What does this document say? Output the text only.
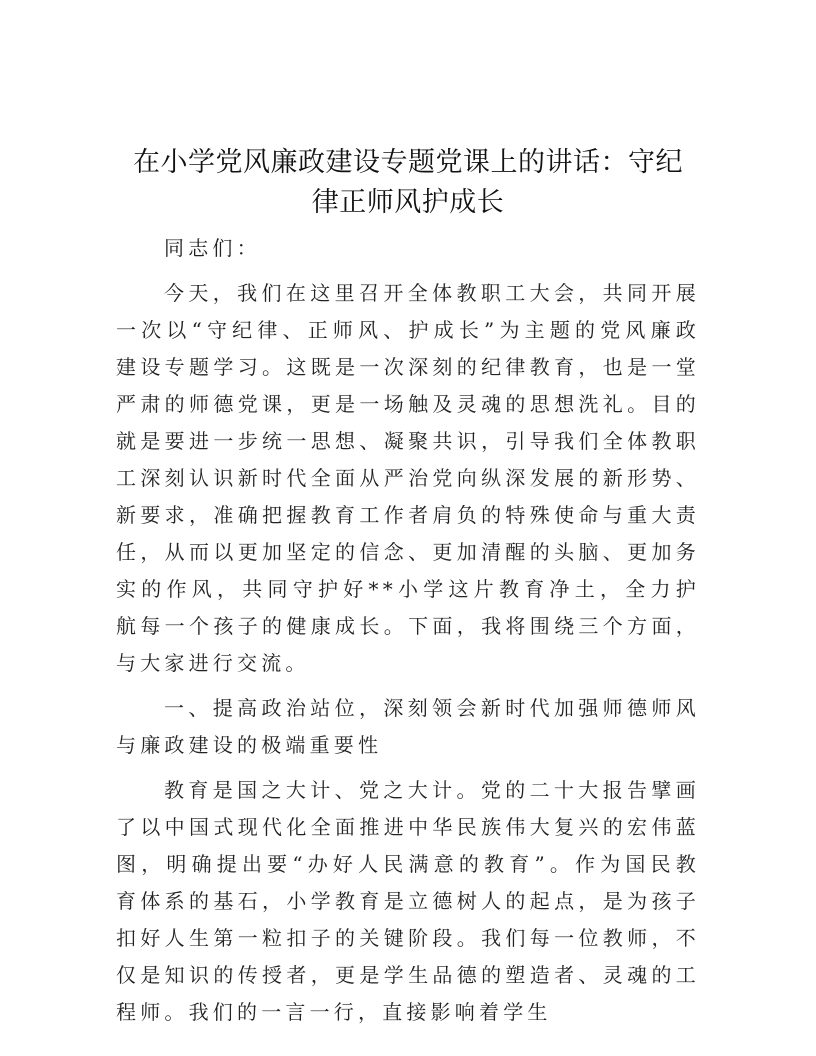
在小学党风廉政建设专题党课上的讲话：守纪
律正师风护成长

同志们：

今天，我们在这里召开全体教职工大会，共同开展一次以“守纪律、正师风、护成长”为主题的党风廉政建设专题学习。这既是一次深刻的纪律教育，也是一堂严肃的师德党课，更是一场触及灵魂的思想洗礼。目的就是要进一步统一思想、凝聚共识，引导我们全体教职工深刻认识新时代全面从严治党向纵深发展的新形势、新要求，准确把握教育工作者肩负的特殊使命与重大责任，从而以更加坚定的信念、更加清醒的头脑、更加务实的作风，共同守护好**小学这片教育净土，全力护航每一个孩子的健康成长。下面，我将围绕三个方面，与大家进行交流。

一、提高政治站位，深刻领会新时代加强师德师风与廉政建设的极端重要性

教育是国之大计、党之大计。党的二十大报告擘画了以中国式现代化全面推进中华民族伟大复兴的宏伟蓝图，明确提出要“办好人民满意的教育”。作为国民教育体系的基石，小学教育是立德树人的起点，是为孩子扣好人生第一粒扣子的关键阶段。我们每一位教师，不仅是知识的传授者，更是学生品德的塑造者、灵魂的工程师。我们的一言一行，直接影响着学生
